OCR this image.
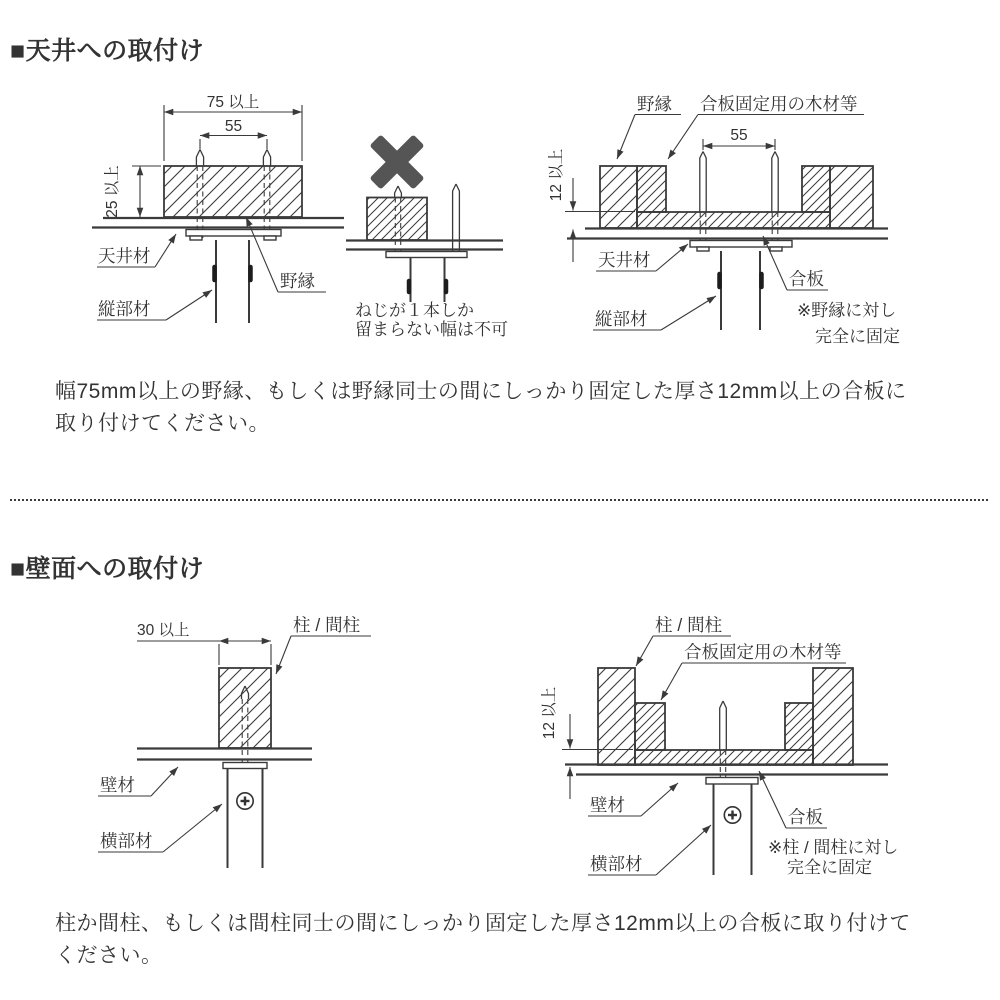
■天井への取付け
75 以上
55
25 以上
天井材
縦部材
野縁
ねじが１本しか
留まらない幅は不可
野縁 合板固定用の木材等
55
12 以上
天井材
縦部材
合板
※野縁に対し
完全に固定
30 以上	柱 / 間柱
壁材
横部材
柱 / 間柱
合板固定用の木材等
12 以上
壁材
横部材
合板
※柱 / 間柱に対し
完全に固定
幅75mm以上の野縁、もしくは野縁同士の間にしっかり固定した厚さ12mm以上の合板に
取り付けてください。
■壁面への取付け
柱か間柱、もしくは間柱同士の間にしっかり固定した厚さ12mm以上の合板に取り付けて
ください。
